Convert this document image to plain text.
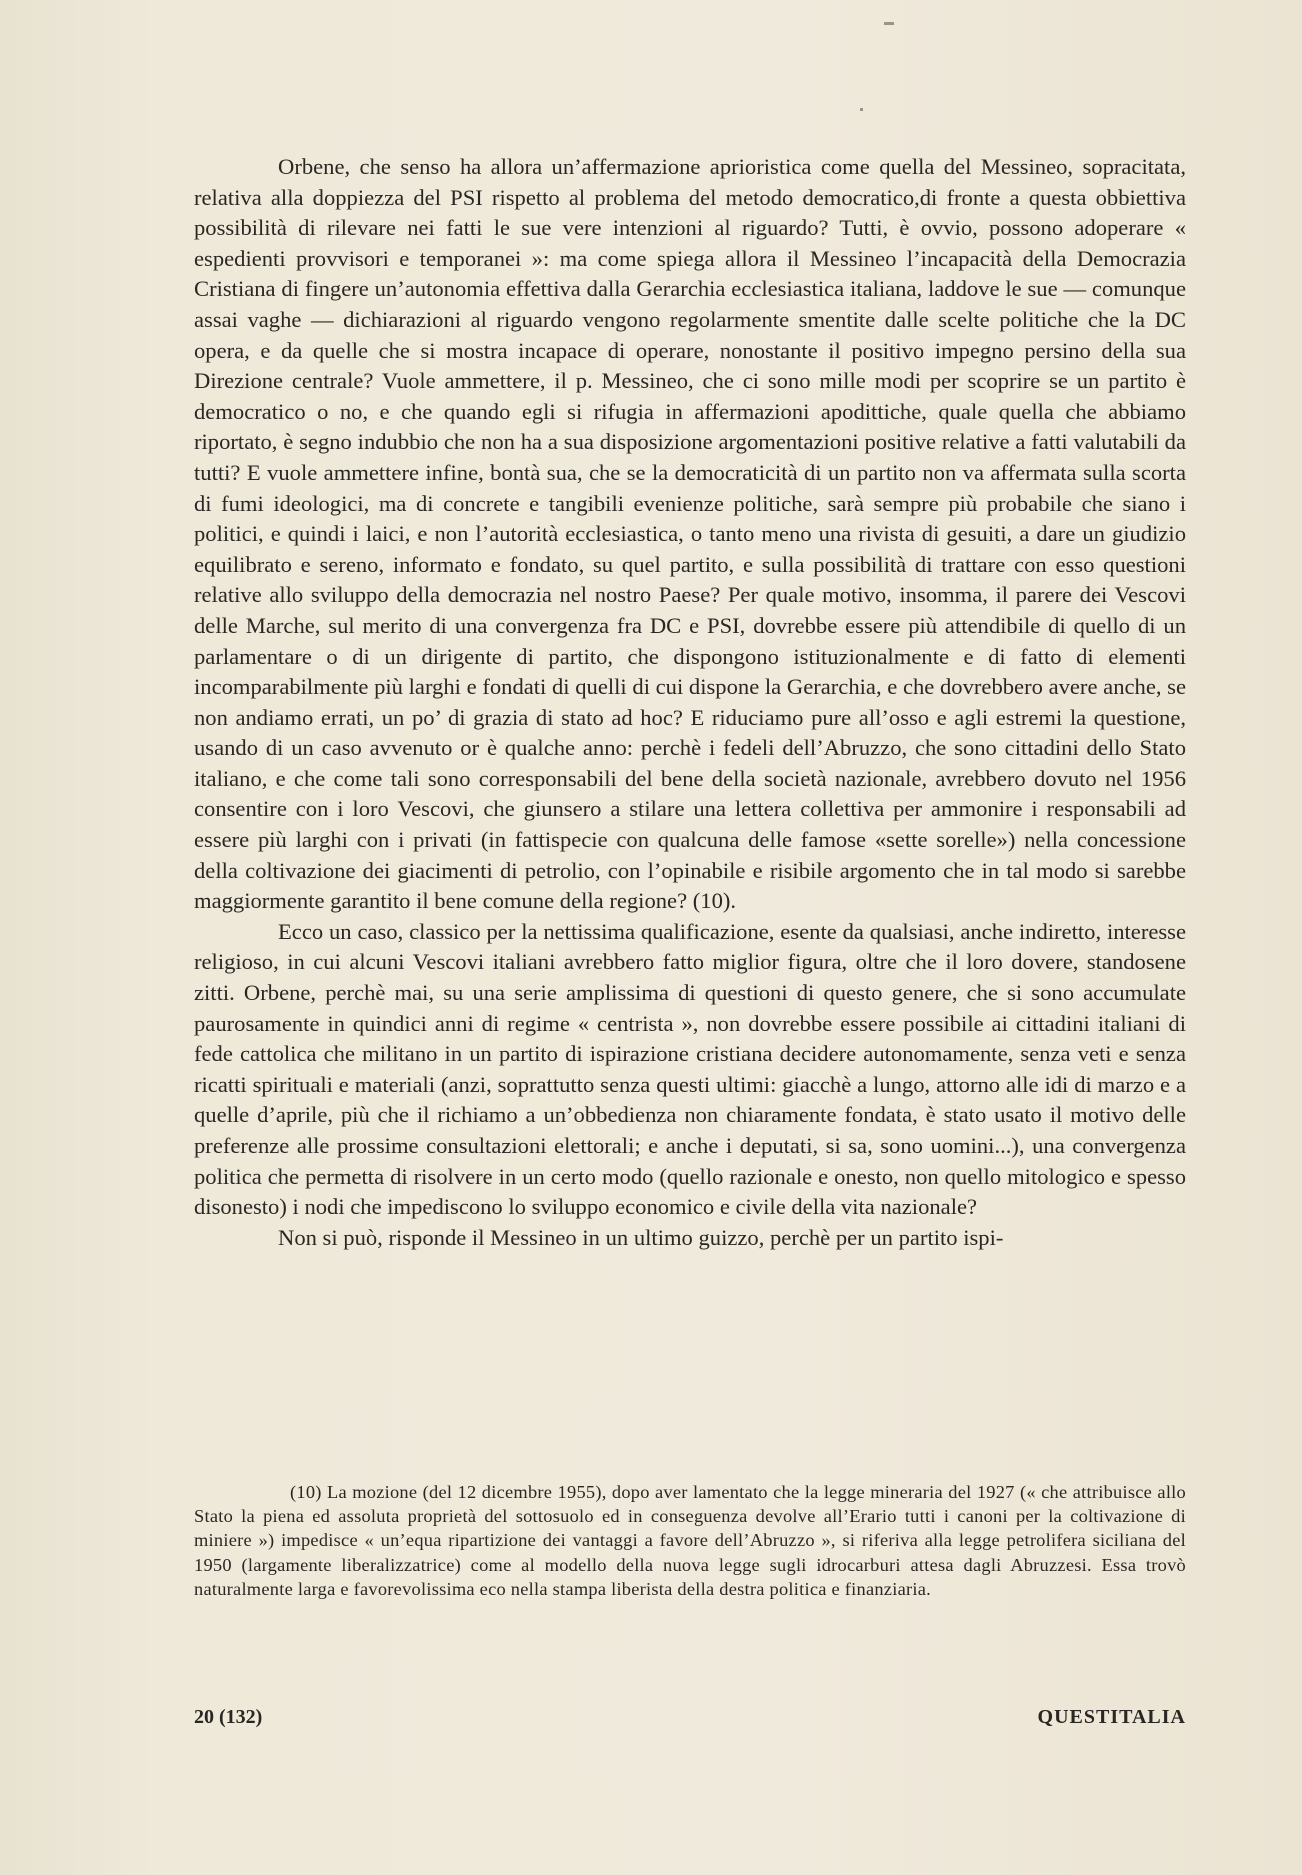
Orbene, che senso ha allora un’affermazione aprioristica come quella del Messineo, sopracitata, relativa alla doppiezza del PSI rispetto al problema del metodo democratico,di fronte a questa obbiettiva possibilità di rilevare nei fatti le sue vere intenzioni al riguardo? Tutti, è ovvio, possono adoperare « espedienti provvisori e temporanei »: ma come spiega allora il Messineo l’incapacità della Democrazia Cristiana di fingere un’autonomia effettiva dalla Gerarchia ecclesiastica italiana, laddove le sue — comunque assai vaghe — dichiarazioni al riguardo vengono regolarmente smentite dalle scelte politiche che la DC opera, e da quelle che si mostra incapace di operare, nonostante il positivo impegno persino della sua Direzione centrale? Vuole ammettere, il p. Messineo, che ci sono mille modi per scoprire se un partito è democratico o no, e che quando egli si rifugia in affermazioni apodittiche, quale quella che abbiamo riportato, è segno indubbio che non ha a sua disposizione argomentazioni positive relative a fatti valutabili da tutti? E vuole ammettere infine, bontà sua, che se la democraticità di un partito non va affermata sulla scorta di fumi ideologici, ma di concrete e tangibili evenienze politiche, sarà sempre più probabile che siano i politici, e quindi i laici, e non l’autorità ecclesiastica, o tanto meno una rivista di gesuiti, a dare un giudizio equilibrato e sereno, informato e fondato, su quel partito, e sulla possibilità di trattare con esso questioni relative allo sviluppo della democrazia nel nostro Paese? Per quale motivo, insomma, il parere dei Vescovi delle Marche, sul merito di una convergenza fra DC e PSI, dovrebbe essere più attendibile di quello di un parlamentare o di un dirigente di partito, che dispongono istituzionalmente e di fatto di elementi incomparabilmente più larghi e fondati di quelli di cui dispone la Gerarchia, e che dovrebbero avere anche, se non andiamo errati, un po’ di grazia di stato ad hoc? E riduciamo pure all’osso e agli estremi la questione, usando di un caso avvenuto or è qualche anno: perchè i fedeli dell’Abruzzo, che sono cittadini dello Stato italiano, e che come tali sono corresponsabili del bene della società nazionale, avrebbero dovuto nel 1956 consentire con i loro Vescovi, che giunsero a stilare una lettera collettiva per ammonire i responsabili ad essere più larghi con i privati (in fattispecie con qualcuna delle famose «sette sorelle») nella concessione della coltivazione dei giacimenti di petrolio, con l’opinabile e risibile argomento che in tal modo si sarebbe maggiormente garantito il bene comune della regione? (10).

Ecco un caso, classico per la nettissima qualificazione, esente da qualsiasi, anche indiretto, interesse religioso, in cui alcuni Vescovi italiani avrebbero fatto miglior figura, oltre che il loro dovere, standosene zitti. Orbene, perchè mai, su una serie amplissima di questioni di questo genere, che si sono accumulate paurosamente in quindici anni di regime « centrista », non dovrebbe essere possibile ai cittadini italiani di fede cattolica che militano in un partito di ispirazione cristiana decidere autonomamente, senza veti e senza ricatti spirituali e materiali (anzi, soprattutto senza questi ultimi: giacchè a lungo, attorno alle idi di marzo e a quelle d’aprile, più che il richiamo a un’obbedienza non chiaramente fondata, è stato usato il motivo delle preferenze alle prossime consultazioni elettorali; e anche i deputati, si sa, sono uomini...), una convergenza politica che permetta di risolvere in un certo modo (quello razionale e onesto, non quello mitologico e spesso disonesto) i nodi che impediscono lo sviluppo economico e civile della vita nazionale?

Non si può, risponde il Messineo in un ultimo guizzo, perchè per un partito ispi-

(10) La mozione (del 12 dicembre 1955), dopo aver lamentato che la legge mineraria del 1927 (« che attribuisce allo Stato la piena ed assoluta proprietà del sottosuolo ed in conseguenza devolve all’Erario tutti i canoni per la coltivazione di miniere ») impedisce « un’equa ripartizione dei vantaggi a favore dell’Abruzzo », si riferiva alla legge petrolifera siciliana del 1950 (largamente liberalizzatrice) come al modello della nuova legge sugli idrocarburi attesa dagli Abruzzesi. Essa trovò naturalmente larga e favorevolissima eco nella stampa liberista della destra politica e finanziaria.

20 (132)	QUESTITALIA
